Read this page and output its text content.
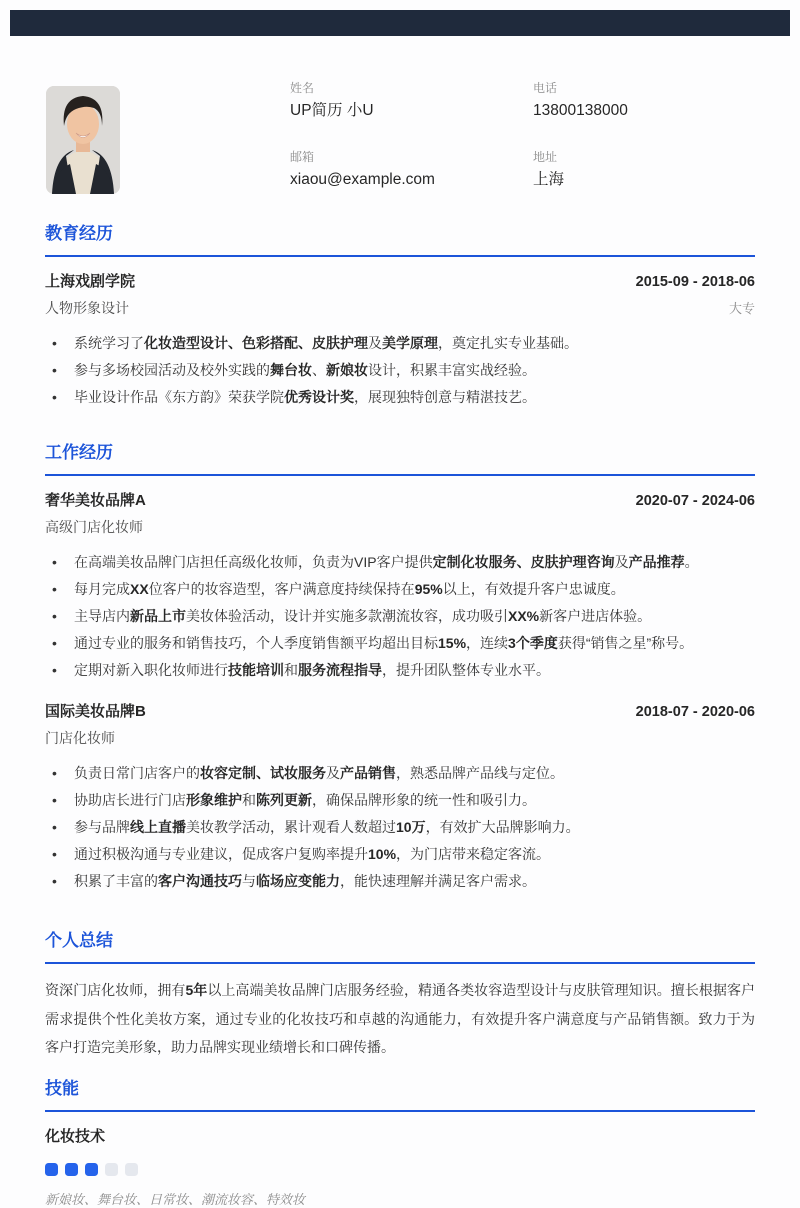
姓名
UP简历 小U
电话
13800138000
邮箱
xiaou@example.com
地址
上海
教育经历
上海戏剧学院	2015-09 - 2018-06
人物形象设计	大专
•	系统学习了化妆造型设计、色彩搭配、皮肤护理及美学原理，奠定扎实专业基础。
•	参与多场校园活动及校外实践的舞台妆、新娘妆设计，积累丰富实战经验。
•	毕业设计作品《东方韵》荣获学院优秀设计奖，展现独特创意与精湛技艺。
工作经历
奢华美妆品牌A	2020-07 - 2024-06
高级门店化妆师
•	在高端美妆品牌门店担任高级化妆师，负责为VIP客户提供定制化妆服务、皮肤护理咨询及产品推荐。
•	每月完成XX位客户的妆容造型，客户满意度持续保持在95%以上，有效提升客户忠诚度。
•	主导店内新品上市美妆体验活动，设计并实施多款潮流妆容，成功吸引XX%新客户进店体验。
•	通过专业的服务和销售技巧，个人季度销售额平均超出目标15%，连续3个季度获得“销售之星”称号。
•	定期对新入职化妆师进行技能培训和服务流程指导，提升团队整体专业水平。
国际美妆品牌B	2018-07 - 2020-06
门店化妆师
•	负责日常门店客户的妆容定制、试妆服务及产品销售，熟悉品牌产品线与定位。
•	协助店长进行门店形象维护和陈列更新，确保品牌形象的统一性和吸引力。
•	参与品牌线上直播美妆教学活动，累计观看人数超过10万，有效扩大品牌影响力。
•	通过积极沟通与专业建议，促成客户复购率提升10%，为门店带来稳定客流。
•	积累了丰富的客户沟通技巧与临场应变能力，能快速理解并满足客户需求。
个人总结
资深门店化妆师，拥有5年以上高端美妆品牌门店服务经验，精通各类妆容造型设计与皮肤管理知识。擅长根据客户需求提供个性化美妆方案，通过专业的化妆技巧和卓越的沟通能力，有效提升客户满意度与产品销售额。致力于为客户打造完美形象，助力品牌实现业绩增长和口碑传播。
技能
化妆技术
新娘妆、舞台妆、日常妆、潮流妆容、特效妆
